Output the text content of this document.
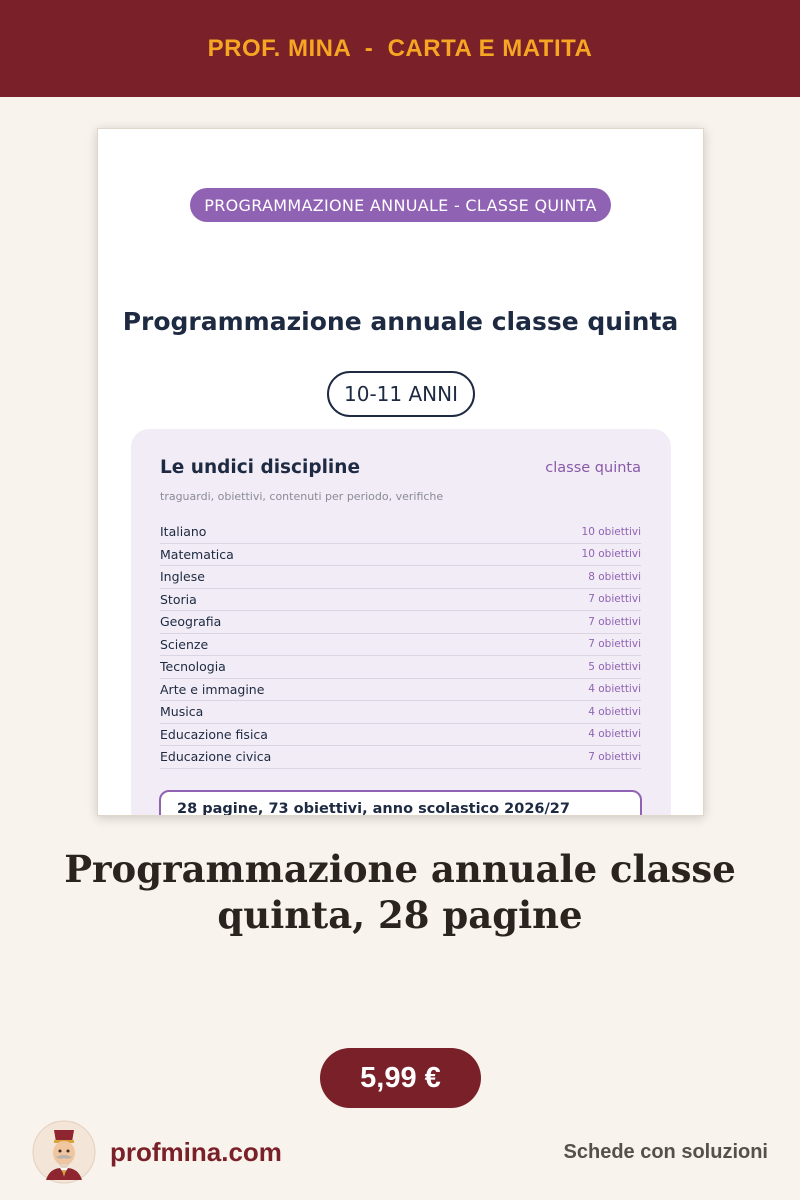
PROF. MINA  -  CARTA E MATITA
PROGRAMMAZIONE ANNUALE - CLASSE QUINTA
Programmazione annuale classe quinta
10-11 ANNI
Le undici discipline	classe quinta
traguardi, obiettivi, contenuti per periodo, verifiche
Italiano	10 obiettivi
Matematica	10 obiettivi
Inglese	8 obiettivi
Storia	7 obiettivi
Geografia	7 obiettivi
Scienze	7 obiettivi
Tecnologia	5 obiettivi
Arte e immagine	4 obiettivi
Musica	4 obiettivi
Educazione fisica	4 obiettivi
Educazione civica	7 obiettivi
28 pagine, 73 obiettivi, anno scolastico 2026/27
Programmazione annuale classe quinta, 28 pagine
5,99 €
profmina.com	Schede con soluzioni
